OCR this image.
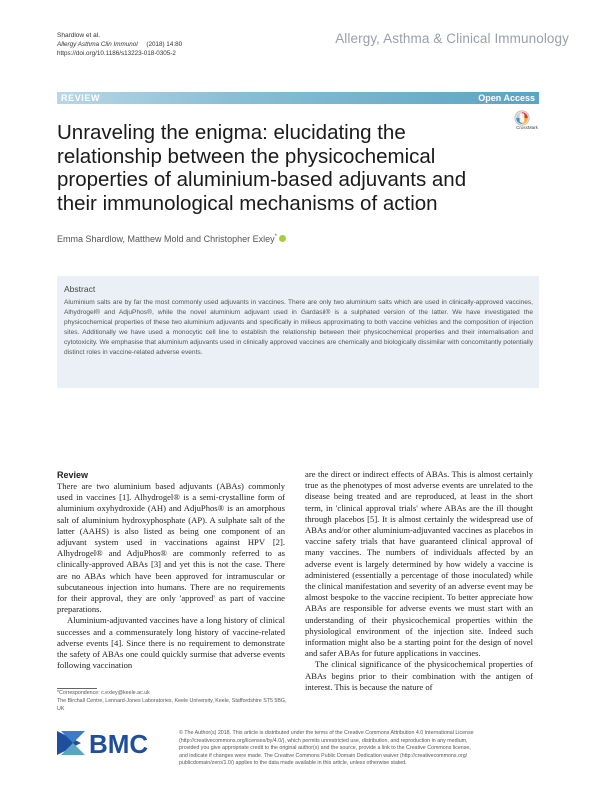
Shardlow et al.
Allergy Asthma Clin Immunol (2018) 14:80
https://doi.org/10.1186/s13223-018-0305-2
Allergy, Asthma & Clinical Immunology
REVIEW	Open Access
CrossMark
Unraveling the enigma: elucidating the relationship between the physicochemical properties of aluminium-based adjuvants and their immunological mechanisms of action
Emma Shardlow, Matthew Mold and Christopher Exley*
Abstract
Aluminium salts are by far the most commonly used adjuvants in vaccines. There are only two aluminium salts which are used in clinically-approved vaccines, Alhydrogel® and AdjuPhos®, while the novel aluminium adjuvant used in Gardasil® is a sulphated version of the latter. We have investigated the physicochemical properties of these two aluminium adjuvants and specifically in milieus approximating to both vaccine vehicles and the composition of injection sites. Additionally we have used a monocytic cell line to establish the relationship between their physicochemical properties and their internalisation and cytotoxicity. We emphasise that aluminium adjuvants used in clinically approved vaccines are chemically and biologically dissimilar with concomitantly potentially distinct roles in vaccine-related adverse events.
Review

There are two aluminium based adjuvants (ABAs) commonly used in vaccines [1]. Alhydrogel® is a semi-crystalline form of aluminium oxyhydroxide (AH) and AdjuPhos® is an amorphous salt of aluminium hydroxyphosphate (AP). A sulphate salt of the latter (AAHS) is also listed as being one component of an adjuvant system used in vaccinations against HPV [2]. Alhydrogel® and AdjuPhos® are commonly referred to as clinically-approved ABAs [3] and yet this is not the case. There are no ABAs which have been approved for intramuscular or subcutaneous injection into humans. There are no requirements for their approval, they are only 'approved' as part of vaccine preparations.

Aluminium-adjuvanted vaccines have a long history of clinical successes and a commensurately long history of vaccine-related adverse events [4]. Since there is no requirement to demonstrate the safety of ABAs one could quickly surmise that adverse events following vaccination

are the direct or indirect effects of ABAs. This is almost certainly true as the phenotypes of most adverse events are unrelated to the disease being treated and are reproduced, at least in the short term, in 'clinical approval trials' where ABAs are the ill thought through placebos [5]. It is almost certainly the widespread use of ABAs and/or other aluminium-adjuvanted vaccines as placebos in vaccine safety trials that have guaranteed clinical approval of many vaccines. The numbers of individuals affected by an adverse event is largely determined by how widely a vaccine is administered (essentially a percentage of those inoculated) while the clinical manifestation and severity of an adverse event may be almost bespoke to the vaccine recipient. To better appreciate how ABAs are responsible for adverse events we must start with an understanding of their physicochemical properties within the physiological environment of the injection site. Indeed such information might also be a starting point for the design of novel and safer ABAs for future applications in vaccines.

The clinical significance of the physicochemical properties of ABAs begins prior to their combination with the antigen of interest. This is because the nature of

*Correspondence: c.exley@keele.ac.uk
The Birchall Centre, Lennard-Jones Laboratories, Keele University, Keele, Staffordshire ST5 5BG, UK
BMC	© The Author(s) 2018. This article is distributed under the terms of the Creative Commons Attribution 4.0 International License
(http://creativecommons.org/licenses/by/4.0/), which permits unrestricted use, distribution, and reproduction in any medium,
provided you give appropriate credit to the original author(s) and the source, provide a link to the Creative Commons license,
and indicate if changes were made. The Creative Commons Public Domain Dedication waiver (http://creativecommons.org/
publicdomain/zero/1.0/) applies to the data made available in this article, unless otherwise stated.
